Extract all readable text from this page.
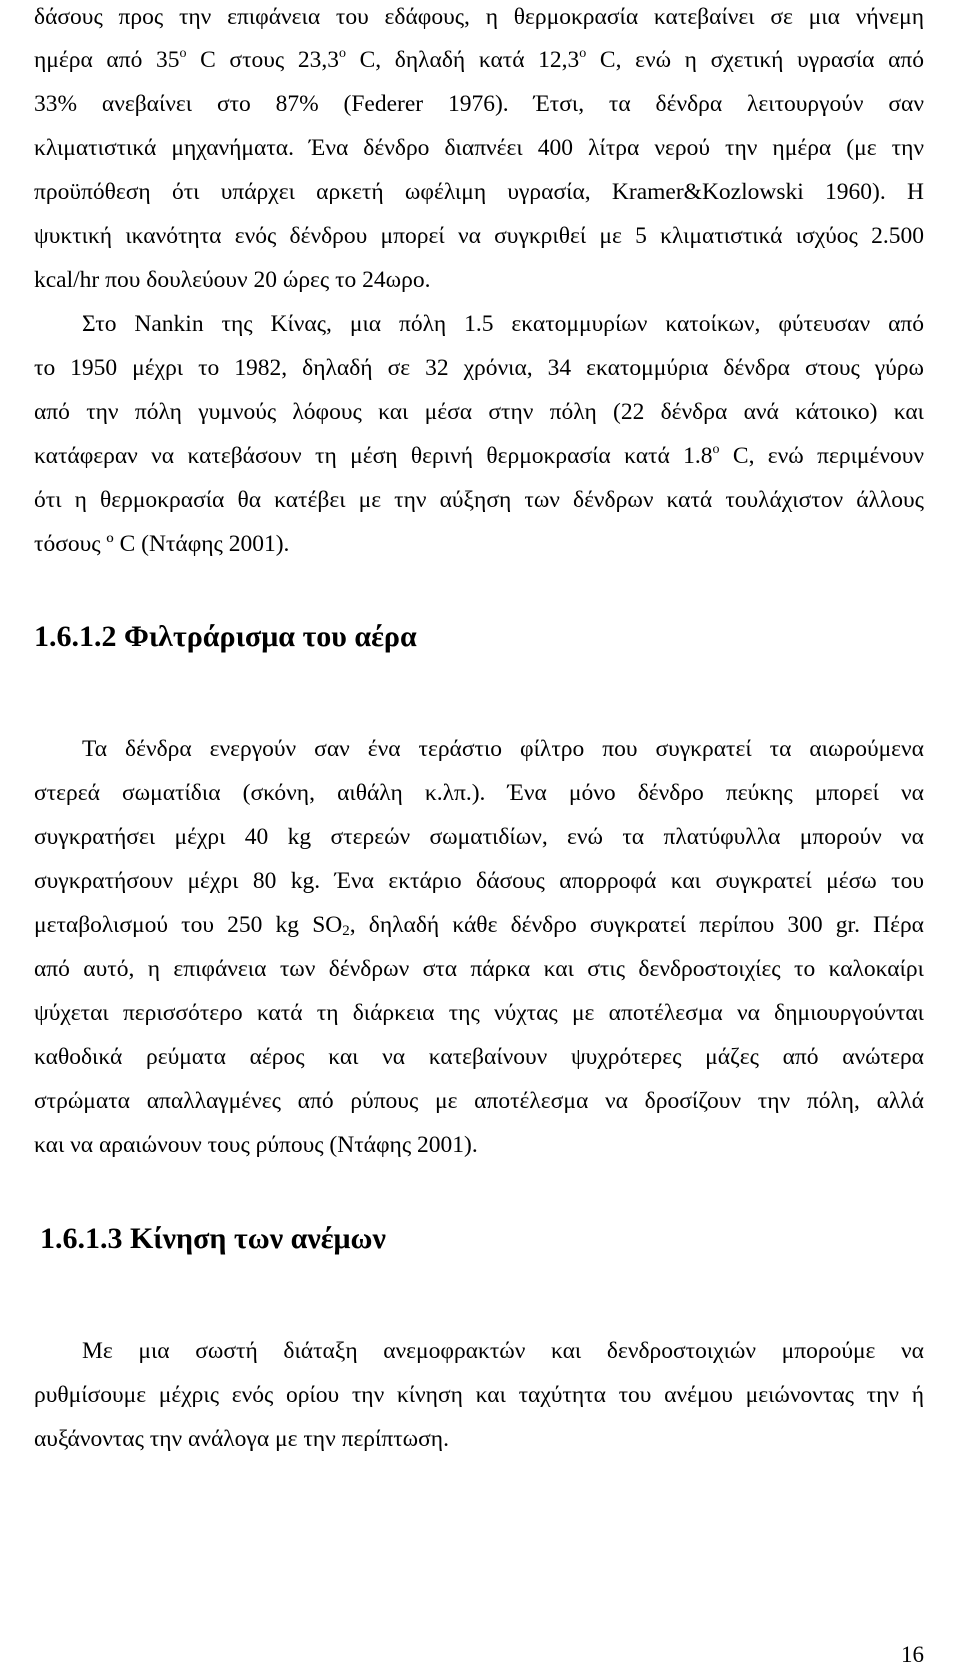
δάσους προς την επιφάνεια του εδάφους, η θερμοκρασία κατεβαίνει σε μια νήνεμη
ημέρα από 35$^o$ C στους 23,3$^o$ C, δηλαδή κατά 12,3$^o$ C, ενώ η σχετική υγρασία από
33% ανεβαίνει στο 87% (Federer 1976). Έτσι, τα δένδρα λειτουργούν σαν
κλιματιστικά μηχανήματα. Ένα δένδρο διαπνέει 400 λίτρα νερού την ημέρα (με την
προϋπόθεση ότι υπάρχει αρκετή ωφέλιμη υγρασία, Kramer&Kozlowski 1960). Η
ψυκτική ικανότητα ενός δένδρου μπορεί να συγκριθεί με 5 κλιματιστικά ισχύος 2.500
kcal/hr που δουλεύουν 20 ώρες το 24ωρο.
Στο Nankin της Κίνας, μια πόλη 1.5 εκατομμυρίων κατοίκων, φύτευσαν από
το 1950 μέχρι το 1982, δηλαδή σε 32 χρόνια, 34 εκατομμύρια δένδρα στους γύρω
από την πόλη γυμνούς λόφους και μέσα στην πόλη (22 δένδρα ανά κάτοικο) και
κατάφεραν να κατεβάσουν τη μέση θερινή θερμοκρασία κατά 1.8$^o$ C, ενώ περιμένουν
ότι η θερμοκρασία θα κατέβει με την αύξηση των δένδρων κατά τουλάχιστον άλλους
τόσους º C (Ντάφης 2001).
1.6.1.2 Φιλτράρισμα του αέρα
Τα δένδρα ενεργούν σαν ένα τεράστιο φίλτρο που συγκρατεί τα αιωρούμενα
στερεά σωματίδια (σκόνη, αιθάλη κ.λπ.). Ένα μόνο δένδρο πεύκης μπορεί να
συγκρατήσει μέχρι 40 kg στερεών σωματιδίων, ενώ τα πλατύφυλλα μπορούν να
συγκρατήσουν μέχρι 80 kg. Ένα εκτάριο δάσους απορροφά και συγκρατεί μέσω του
μεταβολισμού του 250 kg $SO_2$, δηλαδή κάθε δένδρο συγκρατεί περίπου 300 gr. Πέρα
από αυτό, η επιφάνεια των δένδρων στα πάρκα και στις δενδροστοιχίες το καλοκαίρι
ψύχεται περισσότερο κατά τη διάρκεια της νύχτας με αποτέλεσμα να δημιουργούνται
καθοδικά ρεύματα αέρος και να κατεβαίνουν ψυχρότερες μάζες από ανώτερα
στρώματα απαλλαγμένες από ρύπους με αποτέλεσμα να δροσίζουν την πόλη, αλλά
και να αραιώνουν τους ρύπους (Ντάφης 2001).
1.6.1.3 Κίνηση των ανέμων
Με μια σωστή διάταξη ανεμοφρακτών και δενδροστοιχιών μπορούμε να
ρυθμίσουμε μέχρις ενός ορίου την κίνηση και ταχύτητα του ανέμου μειώνοντας την ή
αυξάνοντας την ανάλογα με την περίπτωση.
16
